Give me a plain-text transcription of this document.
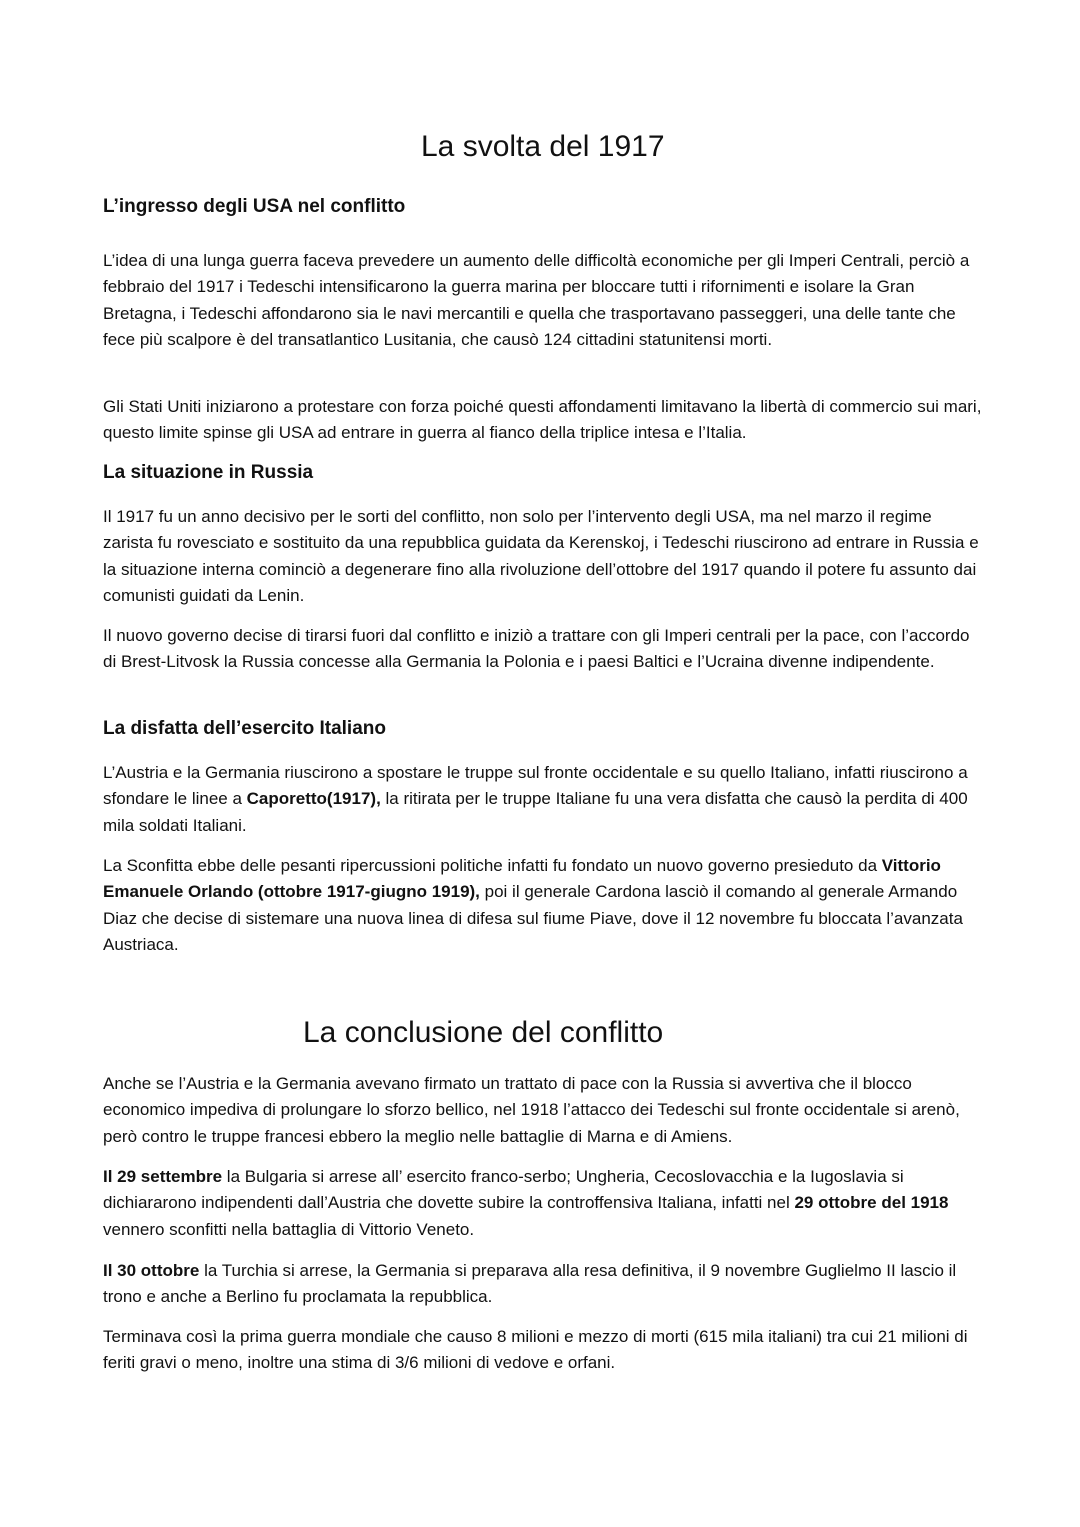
La svolta del 1917
L’ingresso degli USA nel conflitto

L’idea di una lunga guerra faceva prevedere un aumento delle difficoltà economiche per gli Imperi Centrali, perciò a febbraio del 1917 i Tedeschi intensificarono la guerra marina per bloccare tutti i rifornimenti e isolare la Gran Bretagna, i Tedeschi affondarono sia le navi mercantili e quella che trasportavano passeggeri, una delle tante che fece più scalpore è del transatlantico Lusitania, che causò 124 cittadini statunitensi morti.

Gli Stati Uniti iniziarono a protestare con forza poiché questi affondamenti limitavano la libertà di commercio sui mari, questo limite spinse gli USA ad entrare in guerra al fianco della triplice intesa e l’Italia.

La situazione in Russia

Il 1917 fu un anno decisivo per le sorti del conflitto, non solo per l’intervento degli USA, ma nel marzo il regime zarista fu rovesciato e sostituito da una repubblica guidata da Kerenskoj, i Tedeschi riuscirono ad entrare in Russia e la situazione interna cominciò a degenerare fino alla rivoluzione dell’ottobre del 1917 quando il potere fu assunto dai comunisti guidati da Lenin.

Il nuovo governo decise di tirarsi fuori dal conflitto e iniziò a trattare con gli Imperi centrali per la pace, con l’accordo di Brest-Litvosk la Russia concesse alla Germania la Polonia e i paesi Baltici e l’Ucraina divenne indipendente.

La disfatta dell’esercito Italiano

L’Austria e la Germania riuscirono a spostare le truppe sul fronte occidentale e su quello Italiano, infatti riuscirono a sfondare le linee a Caporetto(1917), la ritirata per le truppe Italiane fu una vera disfatta che causò la perdita di 400 mila soldati Italiani.

La Sconfitta ebbe delle pesanti ripercussioni politiche infatti fu fondato un nuovo governo presieduto da Vittorio Emanuele Orlando (ottobre 1917-giugno 1919), poi il generale Cardona lasciò il comando al generale Armando Diaz che decise di sistemare una nuova linea di difesa sul fiume Piave, dove il 12 novembre fu bloccata l’avanzata Austriaca.

La conclusione del conflitto

Anche se l’Austria e la Germania avevano firmato un trattato di pace con la Russia si avvertiva che il blocco economico impediva di prolungare lo sforzo bellico, nel 1918 l’attacco dei Tedeschi sul fronte occidentale si arenò, però contro le truppe francesi ebbero la meglio nelle battaglie di Marna e di Amiens.

Il 29 settembre la Bulgaria si arrese all’ esercito franco-serbo; Ungheria, Cecoslovacchia e la Iugoslavia si dichiararono indipendenti dall’Austria che dovette subire la controffensiva Italiana, infatti nel 29 ottobre del 1918 vennero sconfitti nella battaglia di Vittorio Veneto.

Il 30 ottobre la Turchia si arrese, la Germania si preparava alla resa definitiva, il 9 novembre Guglielmo II lascio il trono e anche a Berlino fu proclamata la repubblica.

Terminava così la prima guerra mondiale che causo 8 milioni e mezzo di morti (615 mila italiani) tra cui 21 milioni di feriti gravi o meno, inoltre una stima di 3/6 milioni di vedove e orfani.
